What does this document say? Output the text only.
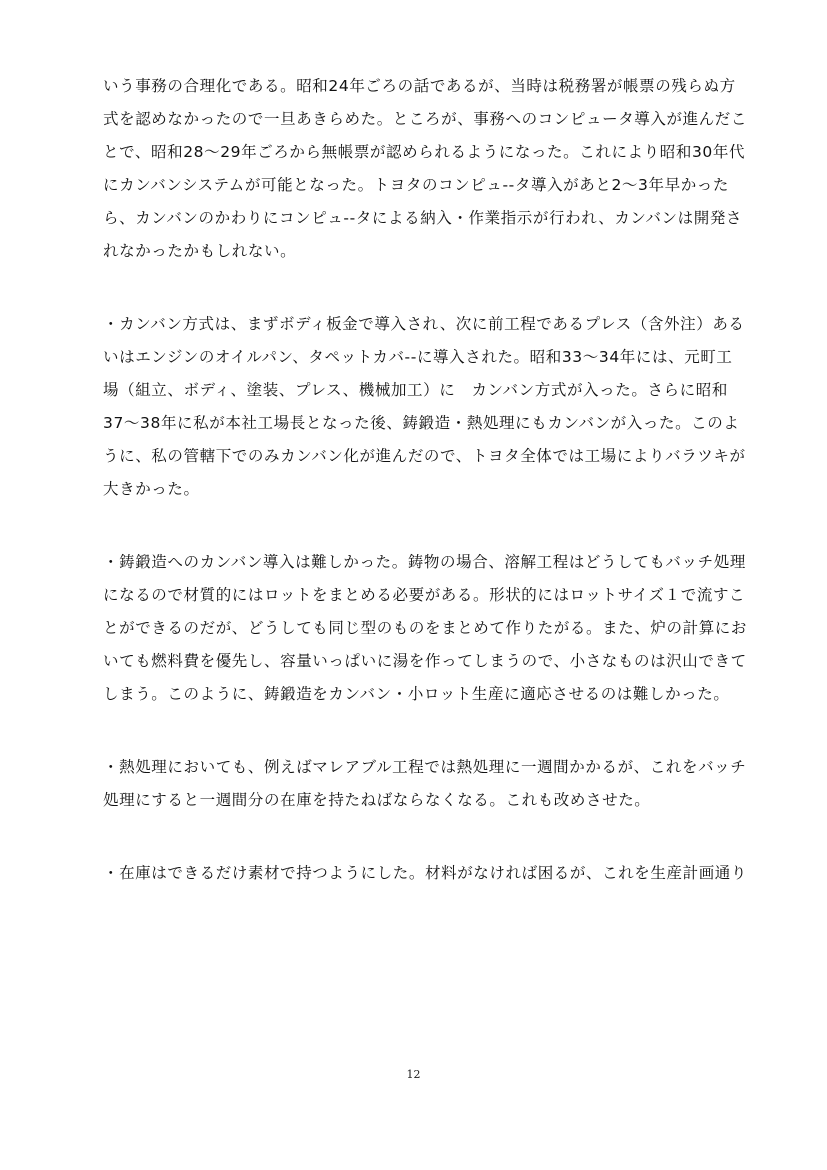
いう事務の合理化である。昭和24年ごろの話であるが、当時は税務署が帳票の残らぬ方
式を認めなかったので一旦あきらめた。ところが、事務へのコンピュータ導入が進んだこ
とで、昭和28～29年ごろから無帳票が認められるようになった。これにより昭和30年代
にカンバンシステムが可能となった。トヨタのコンピュ--タ導入があと2～3年早かった
ら、カンバンのかわりにコンピュ--タによる納入・作業指示が行われ、カンバンは開発さ
れなかったかもしれない。
・カンバン方式は、まずボディ板金で導入され、次に前工程であるプレス（含外注）ある
いはエンジンのオイルパン、タペットカバ--に導入された。昭和33～34年には、元町工
場（組立、ボディ、塗装、プレス、機械加工）に　カンバン方式が入った。さらに昭和
37～38年に私が本社工場長となった後、鋳鍛造・熱処理にもカンバンが入った。このよ
うに、私の管轄下でのみカンバン化が進んだので、トヨタ全体では工場によりバラツキが
大きかった。
・鋳鍛造へのカンバン導入は難しかった。鋳物の場合、溶解工程はどうしてもバッチ処理
になるので材質的にはロットをまとめる必要がある。形状的にはロットサイズ１で流すこ
とができるのだが、どうしても同じ型のものをまとめて作りたがる。また、炉の計算にお
いても燃料費を優先し、容量いっぱいに湯を作ってしまうので、小さなものは沢山できて
しまう。このように、鋳鍛造をカンバン・小ロット生産に適応させるのは難しかった。
・熱処理においても、例えばマレアブル工程では熱処理に一週間かかるが、これをバッチ
処理にすると一週間分の在庫を持たねばならなくなる。これも改めさせた。
・在庫はできるだけ素材で持つようにした。材料がなければ困るが、これを生産計画通り
12
